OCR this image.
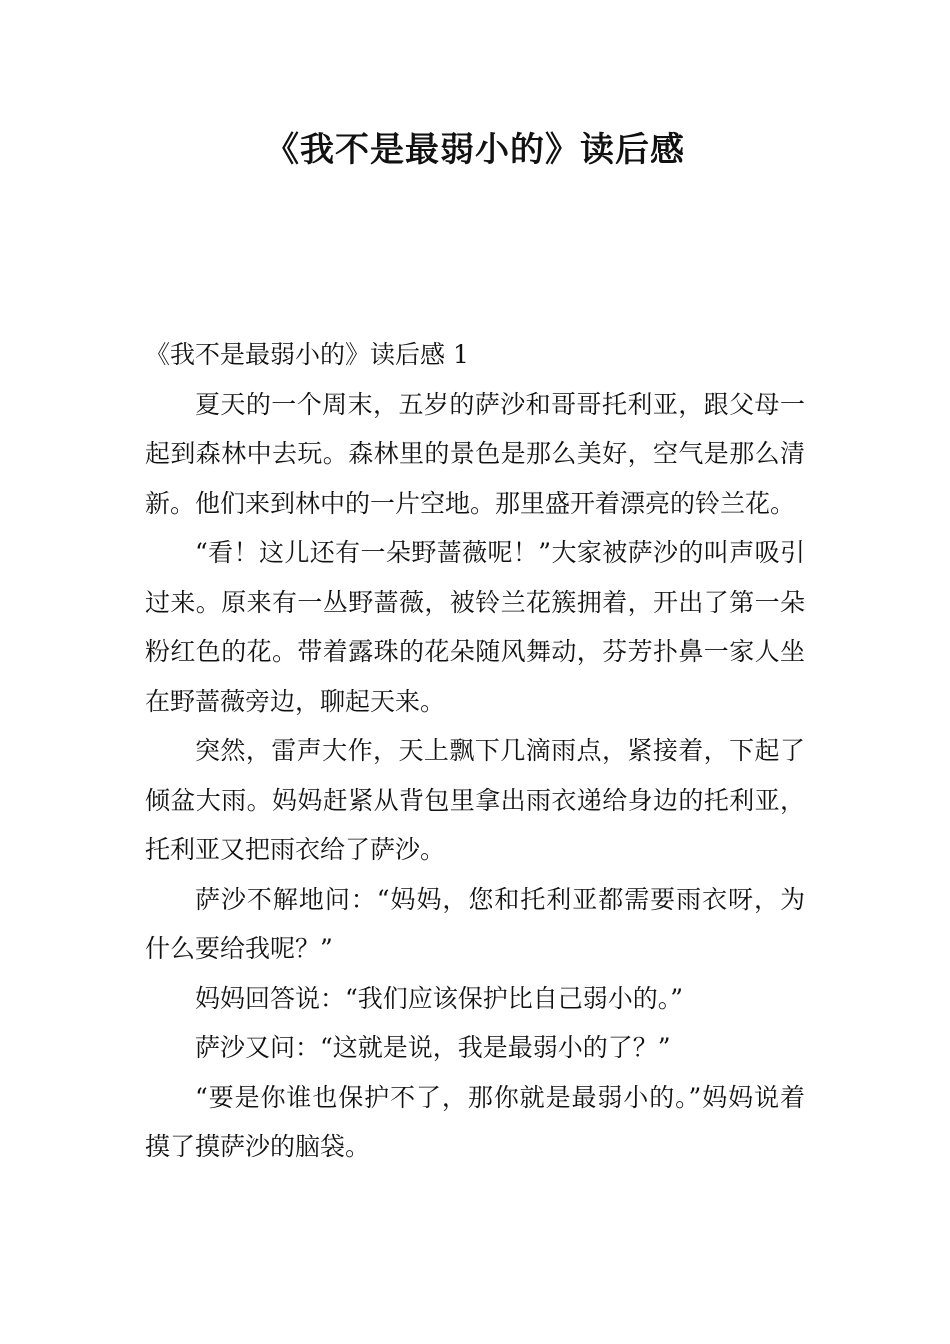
《我不是最弱小的》读后感
《我不是最弱小的》读后感 1

夏天的一个周末，五岁的萨沙和哥哥托利亚，跟父母一起到森林中去玩。森林里的景色是那么美好，空气是那么清新。他们来到林中的一片空地。那里盛开着漂亮的铃兰花。

“看！这儿还有一朵野蔷薇呢！”大家被萨沙的叫声吸引过来。原来有一丛野蔷薇，被铃兰花簇拥着，开出了第一朵粉红色的花。带着露珠的花朵随风舞动，芬芳扑鼻一家人坐在野蔷薇旁边，聊起天来。

突然，雷声大作，天上飘下几滴雨点，紧接着，下起了倾盆大雨。妈妈赶紧从背包里拿出雨衣递给身边的托利亚，托利亚又把雨衣给了萨沙。

萨沙不解地问：“妈妈，您和托利亚都需要雨衣呀，为什么要给我呢？”

妈妈回答说：“我们应该保护比自己弱小的。”

萨沙又问：“这就是说，我是最弱小的了？”

“要是你谁也保护不了，那你就是最弱小的。”妈妈说着摸了摸萨沙的脑袋。
